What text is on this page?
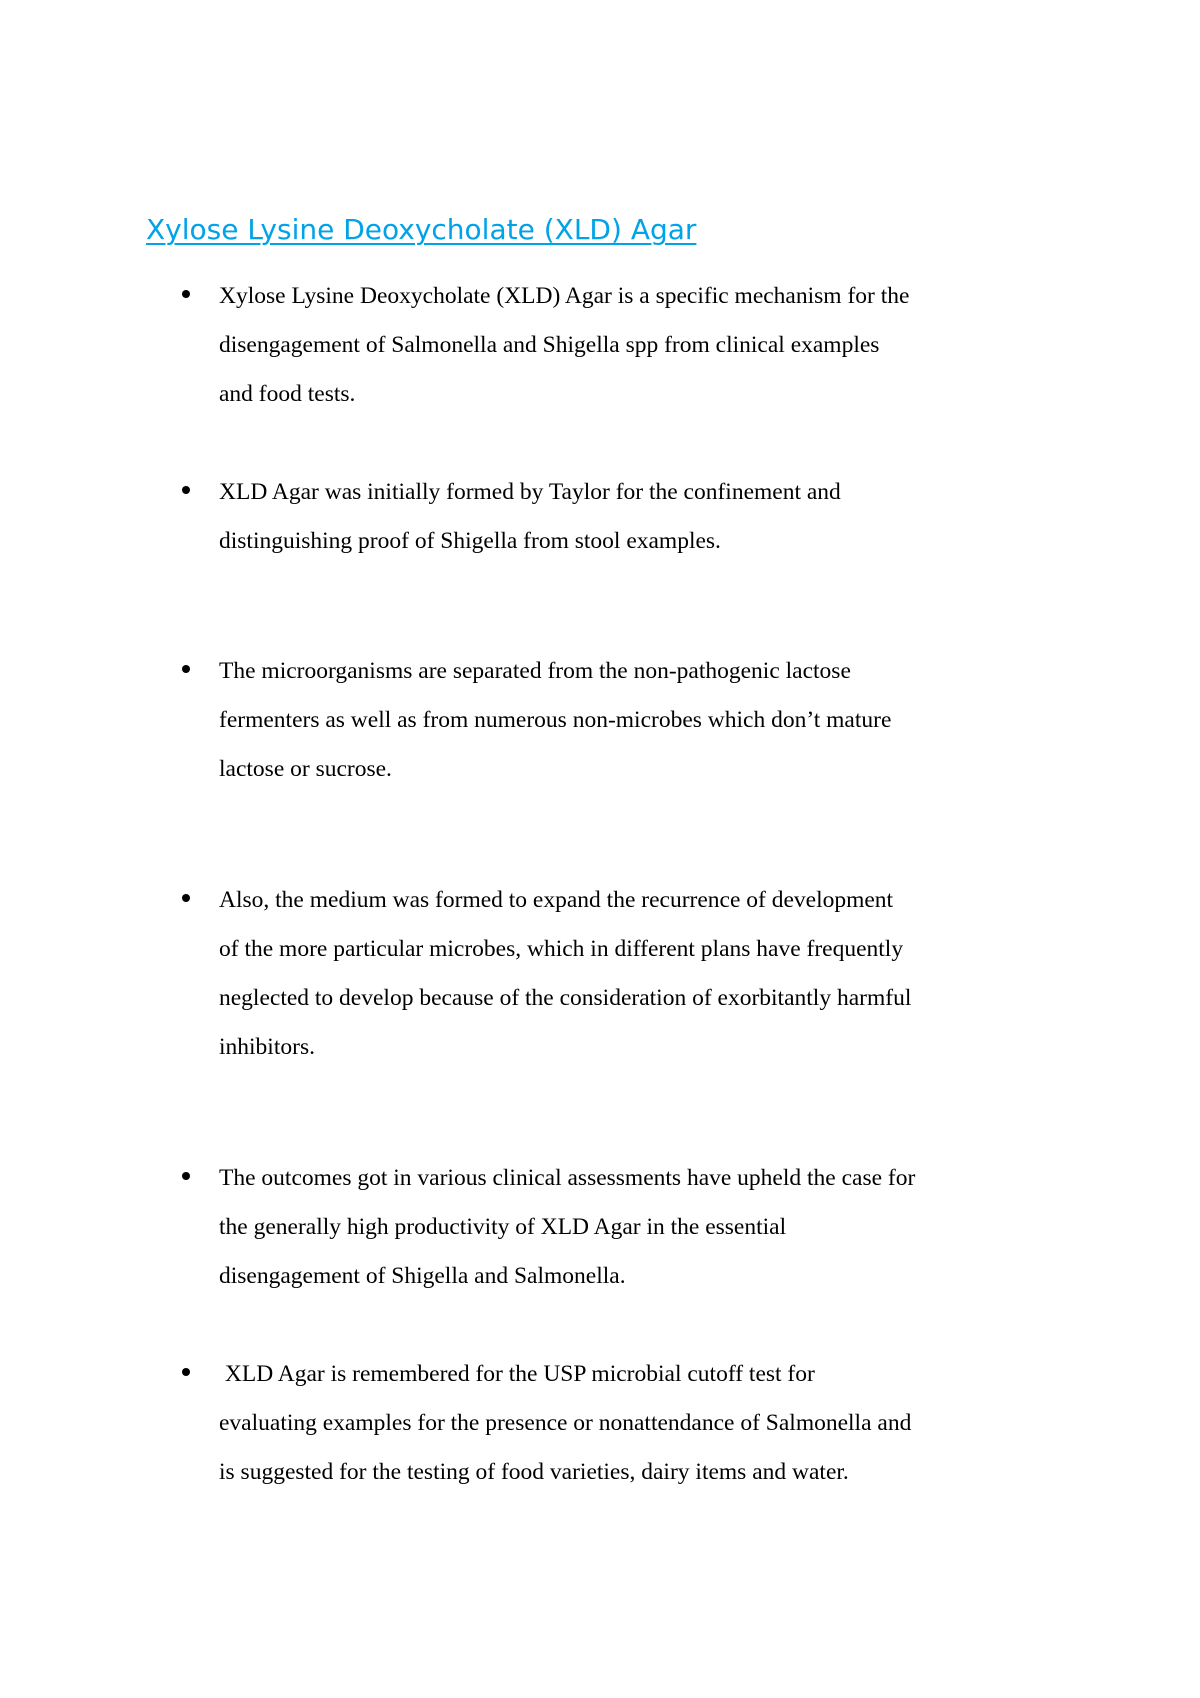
Xylose Lysine Deoxycholate (XLD) Agar

Xylose Lysine Deoxycholate (XLD) Agar is a specific mechanism for the
disengagement of Salmonella and Shigella spp from clinical examples
and food tests.

XLD Agar was initially formed by Taylor for the confinement and
distinguishing proof of Shigella from stool examples.

The microorganisms are separated from the non-pathogenic lactose
fermenters as well as from numerous non-microbes which don’t mature
lactose or sucrose.

Also, the medium was formed to expand the recurrence of development
of the more particular microbes, which in different plans have frequently
neglected to develop because of the consideration of exorbitantly harmful
inhibitors.

The outcomes got in various clinical assessments have upheld the case for
the generally high productivity of XLD Agar in the essential
disengagement of Shigella and Salmonella.

XLD Agar is remembered for the USP microbial cutoff test for
evaluating examples for the presence or nonattendance of Salmonella and
is suggested for the testing of food varieties, dairy items and water.
